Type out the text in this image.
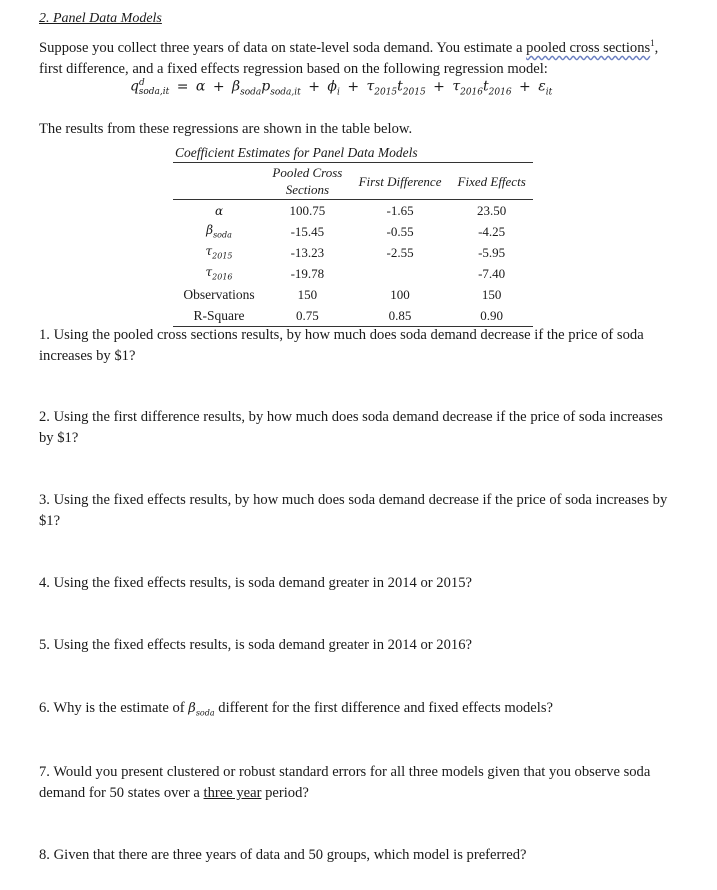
2. Panel Data Models
Suppose you collect three years of data on state-level soda demand. You estimate a pooled cross sections$^1$, first difference, and a fixed effects regression based on the following regression model:
$q^d_{soda,it} = \alpha + \beta_{soda}p_{soda,it} + \phi_i + \tau_{2015}t_{2015} + \tau_{2016}t_{2016} + \varepsilon_{it}$
The results from these regressions are shown in the table below.
Coefficient Estimates for Panel Data Models			
	Pooled Cross
Sections	First Difference	Fixed Effects
α	100.75	-1.65	23.50
$\beta_{soda}$	-15.45	-0.55	-4.25
$\tau_{2015}$	-13.23	-2.55	-5.95
$\tau_{2016}$	-19.78		-7.40
Observations	150	100	150
R-Square	0.75	0.85	0.90
1. Using the pooled cross sections results, by how much does soda demand decrease if the price of soda increases by $1?
2. Using the first difference results, by how much does soda demand decrease if the price of soda increases by $1?
3. Using the fixed effects results, by how much does soda demand decrease if the price of soda increases by $1?
4. Using the fixed effects results, is soda demand greater in 2014 or 2015?
5. Using the fixed effects results, is soda demand greater in 2014 or 2016?
6. Why is the estimate of $\beta_{soda}$ different for the first difference and fixed effects models?
7. Would you present clustered or robust standard errors for all three models given that you observe soda demand for 50 states over a three year period?
8. Given that there are three years of data and 50 groups, which model is preferred?
